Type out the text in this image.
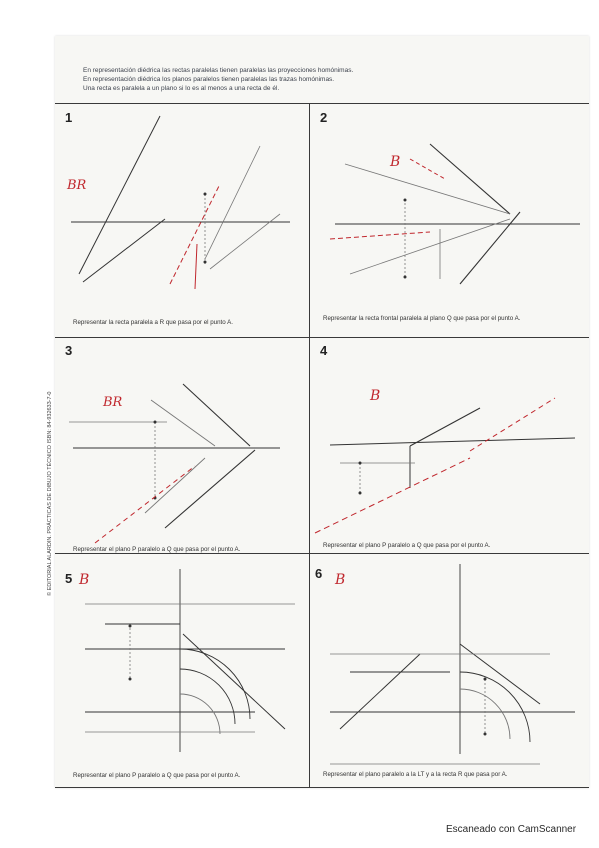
En representación diédrica las rectas paralelas tienen paralelas las proyecciones homónimas.
En representación diédrica los planos paralelos tienen paralelas las trazas homónimas.
Una recta es paralela a un plano si lo es al menos a una recta de él.
1	2
3	4
5	6
Representar la recta paralela a R que pasa por el punto A.
Representar la recta frontal paralela al plano Q que pasa por el punto A.
Representar el plano P paralelo a Q que pasa por el punto A.
Representar el plano P paralelo a Q que pasa por el punto A.
Representar el plano P paralelo a Q que pasa por el punto A.	Representar el plano paralelo a la LT y a la recta R que pasa por A.
© EDITORIAL ALARDIN. PRÁCTICAS DE DIBUJO TÉCNICO ISBN: 84-932633-7-0
BR
B
BR	B
B	B
Escaneado con CamScanner
